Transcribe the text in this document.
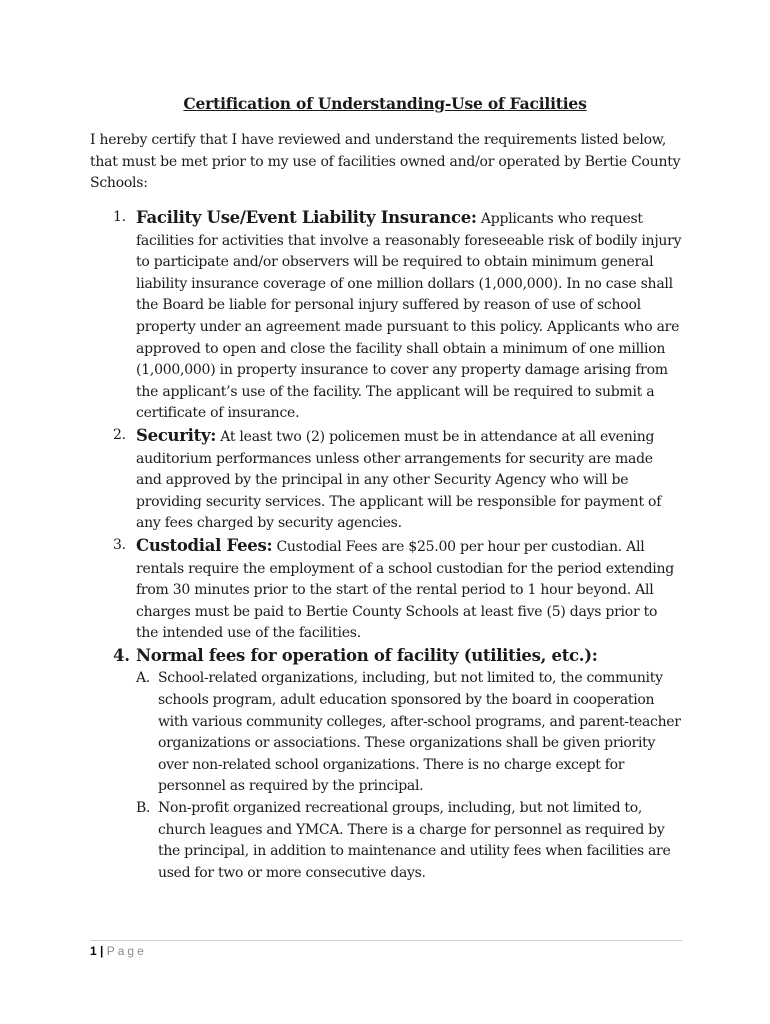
Certification of Understanding-Use of Facilities

I hereby certify that I have reviewed and understand the requirements listed below, that must be met prior to my use of facilities owned and/or operated by Bertie County Schools:

1. Facility Use/Event Liability Insurance: Applicants who request facilities for activities that involve a reasonably foreseeable risk of bodily injury to participate and/or observers will be required to obtain minimum general liability insurance coverage of one million dollars (1,000,000). In no case shall the Board be liable for personal injury suffered by reason of use of school property under an agreement made pursuant to this policy. Applicants who are approved to open and close the facility shall obtain a minimum of one million (1,000,000) in property insurance to cover any property damage arising from the applicant’s use of the facility. The applicant will be required to submit a certificate of insurance.
2. Security: At least two (2) policemen must be in attendance at all evening auditorium performances unless other arrangements for security are made and approved by the principal in any other Security Agency who will be providing security services. The applicant will be responsible for payment of any fees charged by security agencies.
3. Custodial Fees: Custodial Fees are $25.00 per hour per custodian. All rentals require the employment of a school custodian for the period extending from 30 minutes prior to the start of the rental period to 1 hour beyond. All charges must be paid to Bertie County Schools at least five (5) days prior to the intended use of the facilities.
4. Normal fees for operation of facility (utilities, etc.):
A. School-related organizations, including, but not limited to, the community schools program, adult education sponsored by the board in cooperation with various community colleges, after-school programs, and parent-teacher organizations or associations. These organizations shall be given priority over non-related school organizations. There is no charge except for personnel as required by the principal.
B. Non-profit organized recreational groups, including, but not limited to, church leagues and YMCA. There is a charge for personnel as required by the principal, in addition to maintenance and utility fees when facilities are used for two or more consecutive days.
1 | Page
